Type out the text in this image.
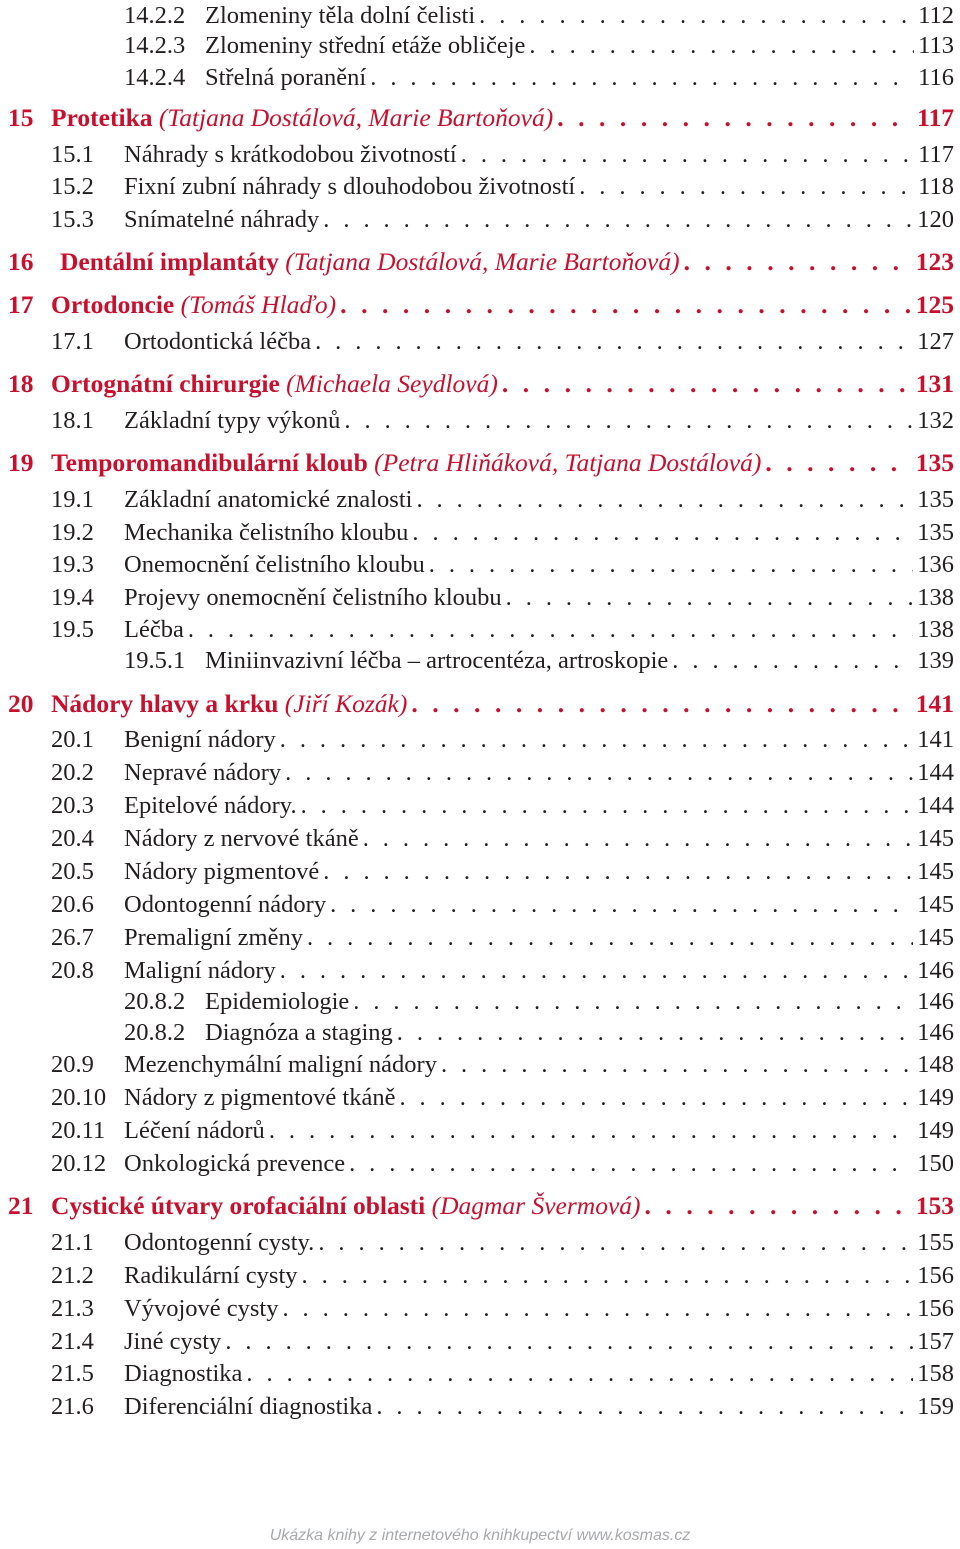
14.2.2 Zlomeniny těla dolní čelisti . . .	112
14.2.3 Zlomeniny střední etáže obličeje . . .	113
14.2.4 Střelná poranění . . .	116
15 Protetika (Tatjana Dostálová, Marie Bartoňová) . . .	117
15.1	Náhrady s krátkodobou životností . . .	117
15.2	Fixní zubní náhrady s dlouhodobou životností . . .	118
15.3	Snímatelné náhrady . . .	120
16	Dentální implantáty (Tatjana Dostálová, Marie Bartoňová) . . .	123
17 Ortodoncie (Tomáš Hlaďo) . . .	125
17.1	Ortodontická léčba . . .	127
18 Ortognátní chirurgie (Michaela Seydlová) . . .	131
18.1	Základní typy výkonů . . .	132
19 Temporomandibulární kloub (Petra Hliňáková, Tatjana Dostálová) . . .	135
19.1	Základní anatomické znalosti . . .	135
19.2	Mechanika čelistního kloubu . . .	135
19.3	Onemocnění čelistního kloubu . . .	136
19.4	Projevy onemocnění čelistního kloubu . . .	138
19.5	Léčba . . .	138
19.5.1 Miniinvazivní léčba – artrocentéza, artroskopie . . .	139
20 Nádory hlavy a krku (Jiří Kozák) . . .	141
20.1	Benigní nádory . . .	141
20.2	Nepravé nádory . . .	144
20.3	Epitelové nádory. . . .	144
20.4	Nádory z nervové tkáně . . .	145
20.5	Nádory pigmentové . . .	145
20.6	Odontogenní nádory . . .	145
26.7	Premaligní změny . . .	145
20.8	Maligní nádory . . .	146
20.8.2 Epidemiologie . . .	146
20.8.2 Diagnóza a staging . . .	146
20.9	Mezenchymální maligní nádory . . .	148
20.10 Nádory z pigmentové tkáně . . .	149
20.11 Léčení nádorů . . .	149
20.12 Onkologická prevence . . .	150
21 Cystické útvary orofaciální oblasti (Dagmar Švermová) . . .	153
21.1	Odontogenní cysty. . . .	155
21.2	Radikulární cysty . . .	156
21.3	Vývojové cysty . . .	156
21.4	Jiné cysty . . .	157
21.5	Diagnostika . . .	158
21.6	Diferenciální diagnostika . . .	159
Ukázka knihy z internetového knihkupectví www.kosmas.cz
